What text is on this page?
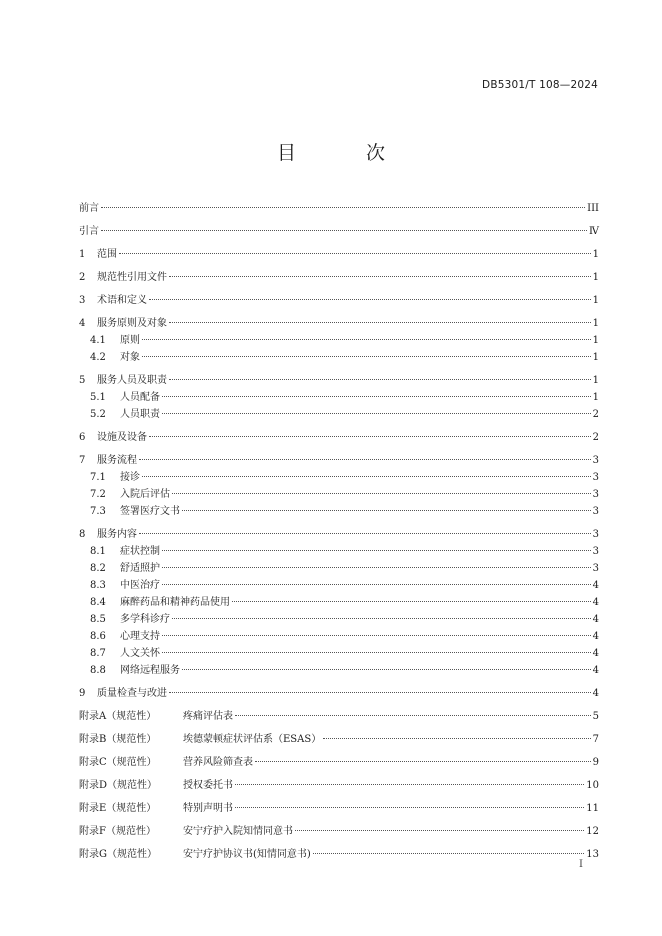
DB5301/T 108—2024
目 次
前言	III
引言	Ⅳ
1	范围	1
2	规范性引用文件	1
3	术语和定义	1
4	服务原则及对象	1
4.1	原则	1
4.2	对象	1
5	服务人员及职责	1
5.1	人员配备	1
5.2	人员职责	2
6	设施及设备	2
7	服务流程	3
7.1	接诊	3
7.2	入院后评估	3
7.3	签署医疗文书	3
8	服务内容	3
8.1	症状控制	3
8.2	舒适照护	3
8.3	中医治疗	4
8.4	麻醉药品和精神药品使用	4
8.5	多学科诊疗	4
8.6	心理支持	4
8.7	人文关怀	4
8.8	网络远程服务	4
9	质量检查与改进	4
附录A（规范性）	疼痛评估表	5
附录B（规范性）	埃德蒙顿症状评估系（ESAS）	7
附录C（规范性）	营养风险筛查表	9
附录D（规范性）	授权委托书	10
附录E（规范性）	特别声明书	11
附录F（规范性）	安宁疗护入院知情同意书	12
附录G（规范性）	安宁疗护协议书(知情同意书)	13
I
